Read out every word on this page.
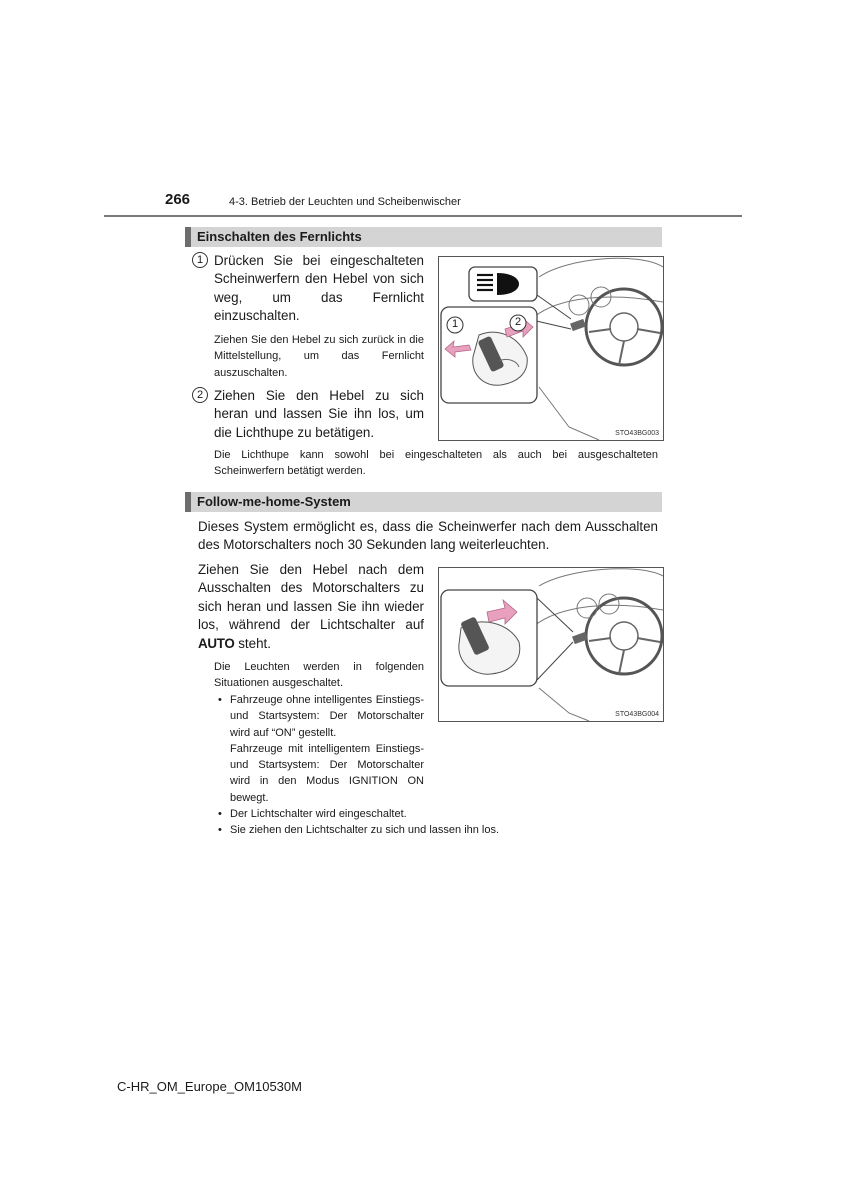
266	4-3. Betrieb der Leuchten und Scheibenwischer
Einschalten des Fernlichts
1 Drücken Sie bei eingeschalteten Scheinwerfern den Hebel von sich weg, um das Fernlicht einzuschalten.
Ziehen Sie den Hebel zu sich zurück in die Mittelstellung, um das Fernlicht auszuschalten.
2 Ziehen Sie den Hebel zu sich heran und lassen Sie ihn los, um die Lichthupe zu betätigen.
1	2
STO43BG003
Die Lichthupe kann sowohl bei eingeschalteten als auch bei ausgeschalteten Scheinwerfern betätigt werden.
Follow-me-home-System
Dieses System ermöglicht es, dass die Scheinwerfer nach dem Ausschalten des Motorschalters noch 30 Sekunden lang weiterleuchten.
Ziehen Sie den Hebel nach dem Ausschalten des Motorschalters zu sich heran und lassen Sie ihn wieder los, während der Lichtschalter auf AUTO steht.
Die Leuchten werden in folgenden Situationen ausgeschaltet.
• Fahrzeuge ohne intelligentes Einstiegs- und Startsystem: Der Motorschalter wird auf “ON” gestellt.
Fahrzeuge mit intelligentem Einstiegs- und Startsystem: Der Motorschalter wird in den Modus IGNITION ON bewegt.
• Der Lichtschalter wird eingeschaltet.
• Sie ziehen den Lichtschalter zu sich und lassen ihn los.
STO43BG004
C-HR_OM_Europe_OM10530M
